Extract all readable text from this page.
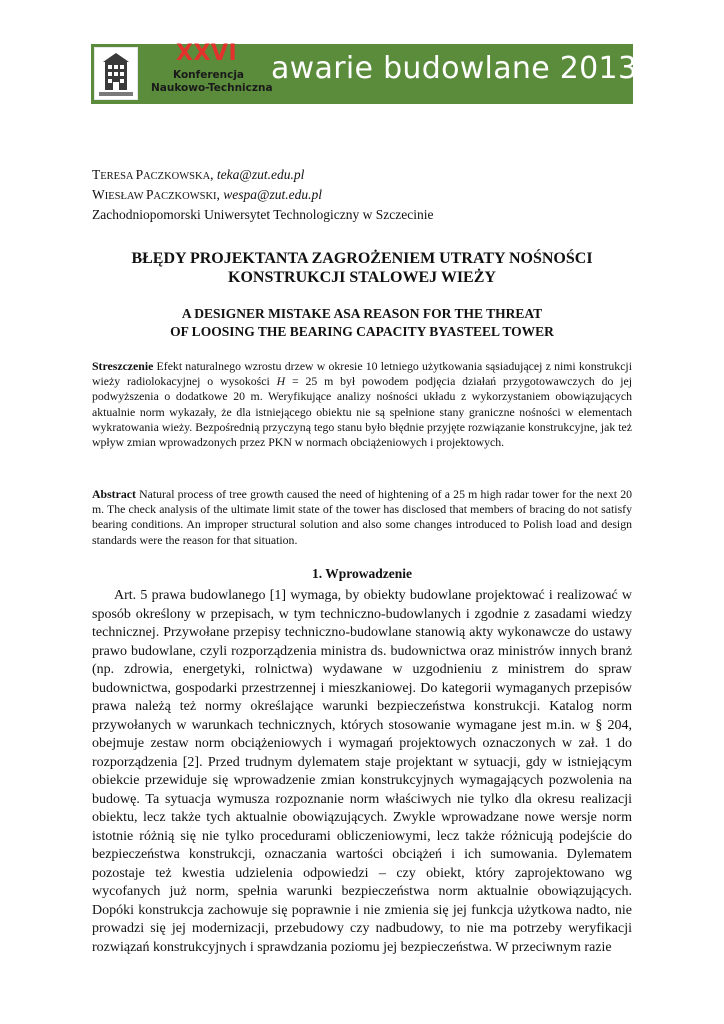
XXVI
Konferencja
Naukowo-Techniczna
awarie budowlane 2013
TERESA PACZKOWSKA, teka@zut.edu.pl
WIESŁAW PACZKOWSKI, wespa@zut.edu.pl
Zachodniopomorski Uniwersytet Technologiczny w Szczecinie
BŁĘDY PROJEKTANTA ZAGROŻENIEM UTRATY NOŚNOŚCI
KONSTRUKCJI STALOWEJ WIEŻY
A DESIGNER MISTAKE ASA REASON FOR THE THREAT
OF LOOSING THE BEARING CAPACITY BYASTEEL TOWER
Streszczenie Efekt naturalnego wzrostu drzew w okresie 10 letniego użytkowania sąsiadującej z nimi konstrukcji wieży radiolokacyjnej o wysokości H = 25 m był powodem podjęcia działań przygotowawczych do jej podwyższenia o dodatkowe 20 m. Weryfikujące analizy nośności układu z wykorzystaniem obowiązujących aktualnie norm wykazały, że dla istniejącego obiektu nie są spełnione stany graniczne nośności w elementach wykratowania wieży. Bezpośrednią przyczyną tego stanu było błędnie przyjęte rozwiązanie konstrukcyjne, jak też wpływ zmian wprowadzonych przez PKN w normach obciążeniowych i projektowych.
Abstract Natural process of tree growth caused the need of hightening of a 25 m high radar tower for the next 20 m. The check analysis of the ultimate limit state of the tower has disclosed that members of bracing do not satisfy bearing conditions. An improper structural solution and also some changes introduced to Polish load and design standards were the reason for that situation.
1. Wprowadzenie
Art. 5 prawa budowlanego [1] wymaga, by obiekty budowlane projektować i realizować w sposób określony w przepisach, w tym techniczno-budowlanych i zgodnie z zasadami wiedzy technicznej. Przywołane przepisy techniczno-budowlane stanowią akty wykonawcze do ustawy prawo budowlane, czyli rozporządzenia ministra ds. budownictwa oraz ministrów innych branż (np. zdrowia, energetyki, rolnictwa) wydawane w uzgodnieniu z ministrem do spraw budownictwa, gospodarki przestrzennej i mieszkaniowej. Do kategorii wymaganych przepisów prawa należą też normy określające warunki bezpieczeństwa konstrukcji. Katalog norm przywołanych w warunkach technicznych, których stosowanie wymagane jest m.in. w § 204, obejmuje zestaw norm obciążeniowych i wymagań projektowych oznaczonych w zał. 1 do rozporządzenia [2]. Przed trudnym dylematem staje projektant w sytuacji, gdy w istniejącym obiekcie przewiduje się wprowadzenie zmian konstrukcyjnych wymagających pozwolenia na budowę. Ta sytuacja wymusza rozpoznanie norm właściwych nie tylko dla okresu realizacji obiektu, lecz także tych aktualnie obowiązujących. Zwykle wprowadzane nowe wersje norm istotnie różnią się nie tylko procedurami obliczeniowymi, lecz także różnicują podejście do bezpieczeństwa konstrukcji, oznaczania wartości obciążeń i ich sumowania. Dylematem pozostaje też kwestia udzielenia odpowiedzi – czy obiekt, który zaprojektowano wg wycofanych już norm, spełnia warunki bezpieczeństwa norm aktualnie obowiązujących. Dopóki konstrukcja zachowuje się poprawnie i nie zmienia się jej funkcja użytkowa nadto, nie prowadzi się jej modernizacji, przebudowy czy nadbudowy, to nie ma potrzeby weryfikacji rozwiązań konstrukcyjnych i sprawdzania poziomu jej bezpieczeństwa. W przeciwnym razie
